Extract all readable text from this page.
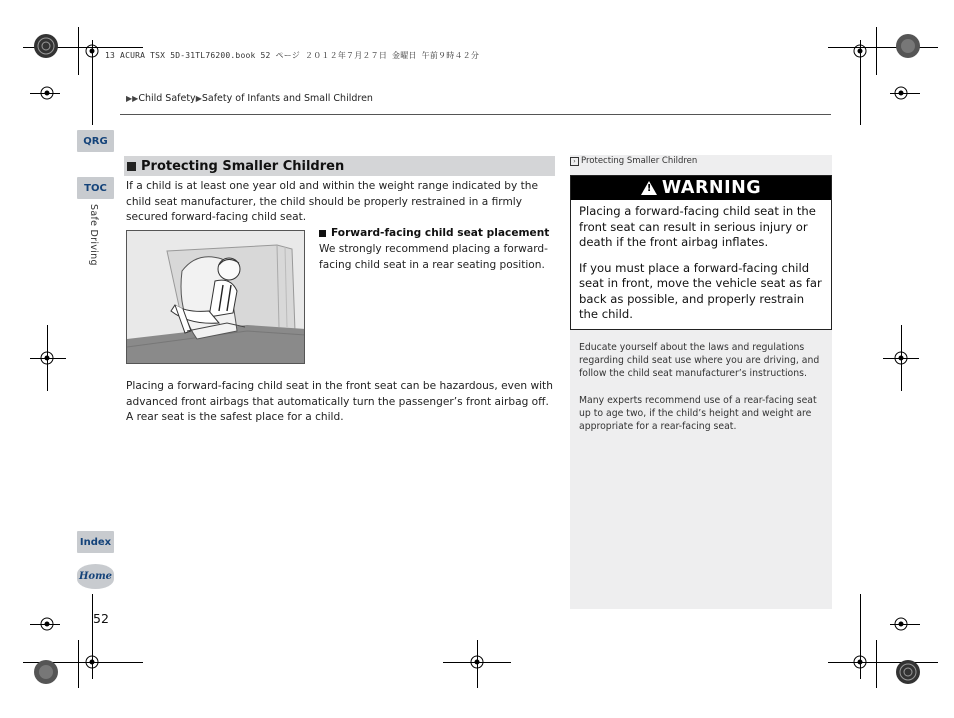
13 ACURA TSX 5D-31TL76200.book 52 ページ ２０１２年７月２７日 金曜日 午前９時４２分
▶▶Child Safety▶Safety of Infants and Small Children
QRG
TOC
Safe Driving
Index
Home
52
Protecting Smaller Children
If a child is at least one year old and within the weight range indicated by the child seat manufacturer, the child should be properly restrained in a firmly secured forward-facing child seat.
Forward-facing child seat placement
We strongly recommend placing a forward-facing child seat in a rear seating position.
Placing a forward-facing child seat in the front seat can be hazardous, even with advanced front airbags that automatically turn the passenger’s front airbag off. A rear seat is the safest place for a child.
› Protecting Smaller Children
! WARNING
Placing a forward-facing child seat in the front seat can result in serious injury or death if the front airbag inflates.
If you must place a forward-facing child seat in front, move the vehicle seat as far back as possible, and properly restrain the child.
Educate yourself about the laws and regulations regarding child seat use where you are driving, and follow the child seat manufacturer’s instructions.
Many experts recommend use of a rear-facing seat up to age two, if the child’s height and weight are appropriate for a rear-facing seat.
